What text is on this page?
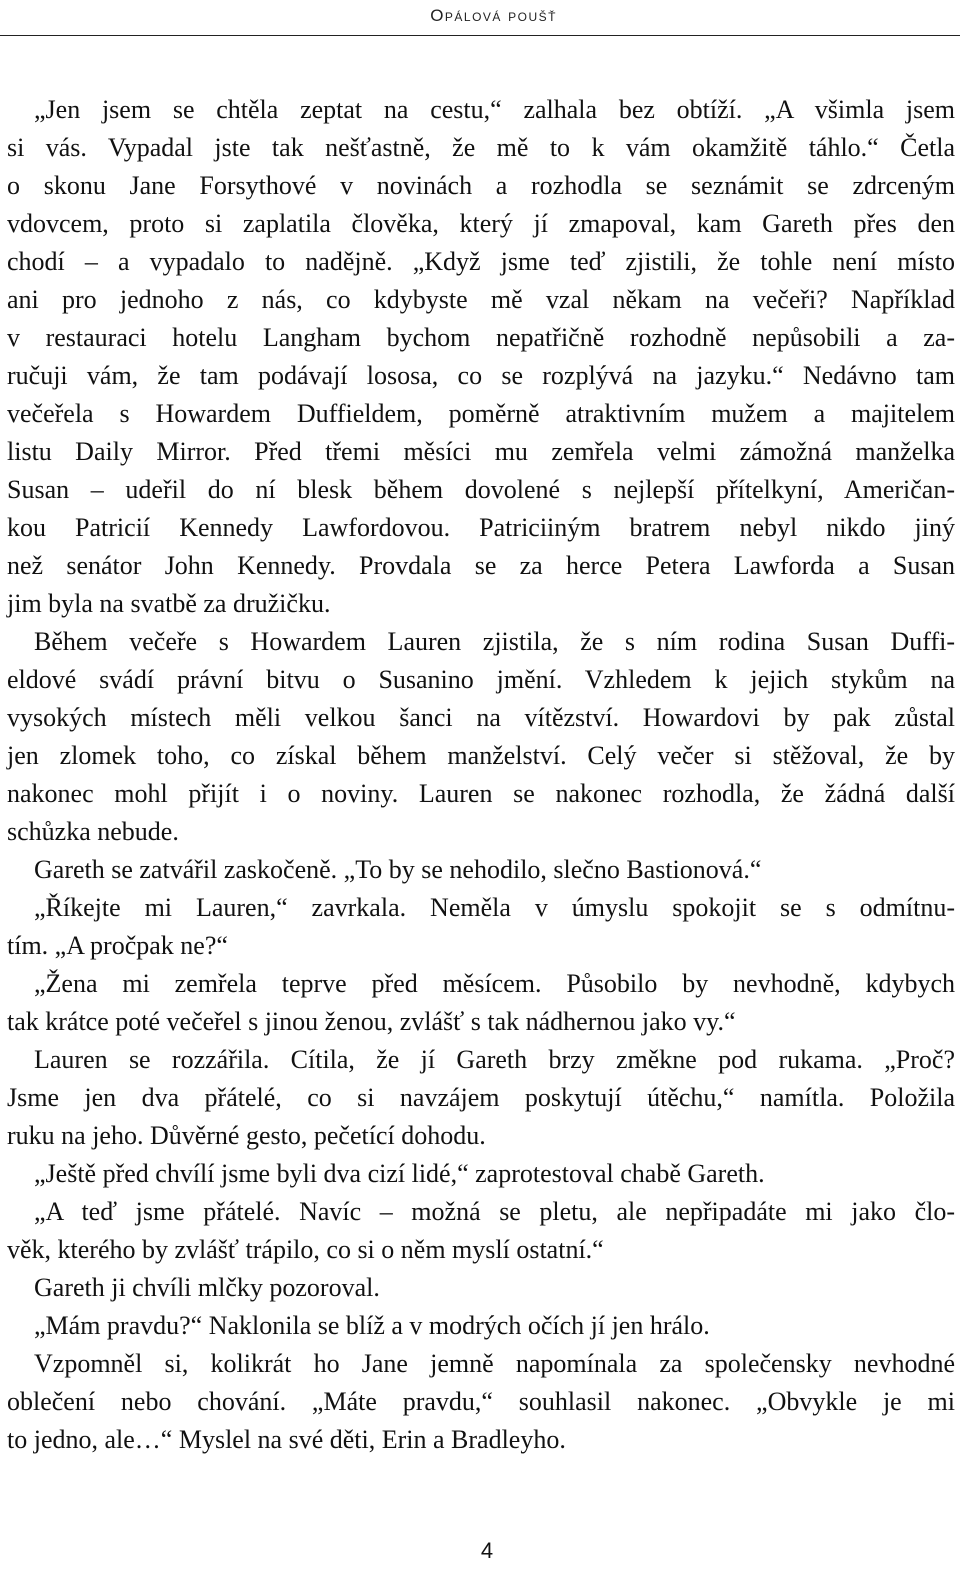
Opálová poušť
„Jen jsem se chtěla zeptat na cestu,“ zalhala bez obtíží. „A všimla jsem
si vás. Vypadal jste tak nešťastně, že mě to k vám okamžitě táhlo.“ Četla
o skonu Jane Forsythové v novinách a rozhodla se seznámit se zdrceným
vdovcem, proto si zaplatila člověka, který jí zmapoval, kam Gareth přes den
chodí – a vypadalo to nadějně. „Když jsme teď zjistili, že tohle není místo
ani pro jednoho z nás, co kdybyste mě vzal někam na večeři? Například
v restauraci hotelu Langham bychom nepatřičně rozhodně nepůsobili a za-
ručuji vám, že tam podávají lososa, co se rozplývá na jazyku.“ Nedávno tam
večeřela s Howardem Duffieldem, poměrně atraktivním mužem a majitelem
listu Daily Mirror. Před třemi měsíci mu zemřela velmi zámožná manželka
Susan – udeřil do ní blesk během dovolené s nejlepší přítelkyní, Američan-
kou Patricií Kennedy Lawfordovou. Patriciiným bratrem nebyl nikdo jiný
než senátor John Kennedy. Provdala se za herce Petera Lawforda a Susan
jim byla na svatbě za družičku.
Během večeře s Howardem Lauren zjistila, že s ním rodina Susan Duffi-
eldové svádí právní bitvu o Susanino jmění. Vzhledem k jejich stykům na
vysokých místech měli velkou šanci na vítězství. Howardovi by pak zůstal
jen zlomek toho, co získal během manželství. Celý večer si stěžoval, že by
nakonec mohl přijít i o noviny. Lauren se nakonec rozhodla, že žádná další
schůzka nebude.
Gareth se zatvářil zaskočeně. „To by se nehodilo, slečno Bastionová.“
„Říkejte mi Lauren,“ zavrkala. Neměla v úmyslu spokojit se s odmítnu-
tím. „A pročpak ne?“
„Žena mi zemřela teprve před měsícem. Působilo by nevhodně, kdybych
tak krátce poté večeřel s jinou ženou, zvlášť s tak nádhernou jako vy.“
Lauren se rozzářila. Cítila, že jí Gareth brzy změkne pod rukama. „Proč?
Jsme jen dva přátelé, co si navzájem poskytují útěchu,“ namítla. Položila
ruku na jeho. Důvěrné gesto, pečetící dohodu.
„Ještě před chvílí jsme byli dva cizí lidé,“ zaprotestoval chabě Gareth.
„A teď jsme přátelé. Navíc – možná se pletu, ale nepřipadáte mi jako člo-
věk, kterého by zvlášť trápilo, co si o něm myslí ostatní.“
Gareth ji chvíli mlčky pozoroval.
„Mám pravdu?“ Naklonila se blíž a v modrých očích jí jen hrálo.
Vzpomněl si, kolikrát ho Jane jemně napomínala za společensky nevhodné
oblečení nebo chování. „Máte pravdu,“ souhlasil nakonec. „Obvykle je mi
to jedno, ale…“ Myslel na své děti, Erin a Bradleyho.
4
